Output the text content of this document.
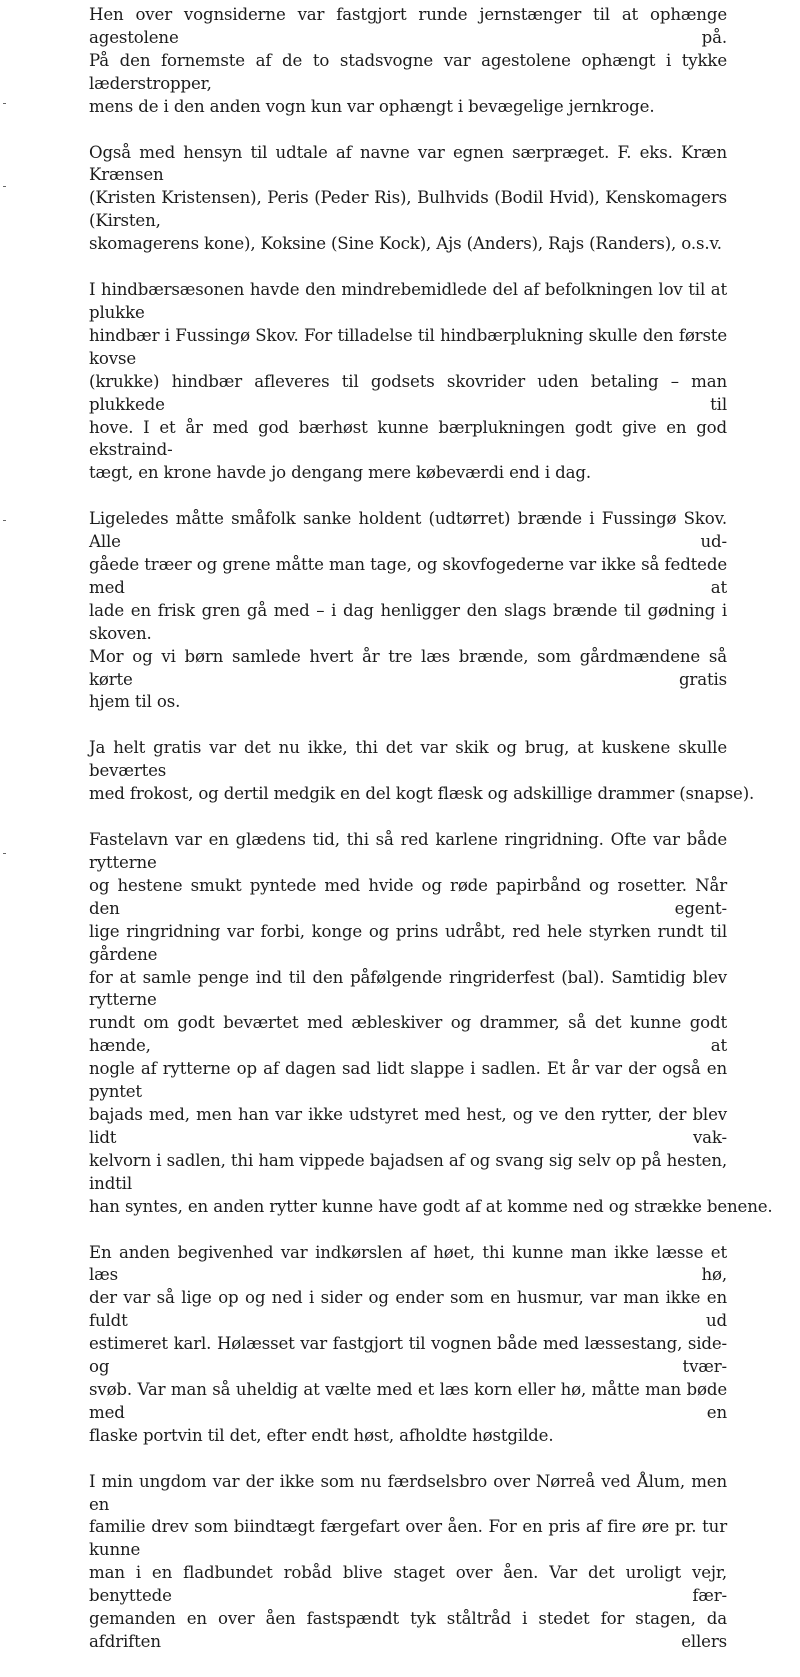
Hen over vognsiderne var fastgjort runde jernstænger til at ophænge agestolene på.
På den fornemste af de to stadsvogne var agestolene ophængt i tykke læderstropper,
mens de i den anden vogn kun var ophængt i bevægelige jernkroge.

Også med hensyn til udtale af navne var egnen særpræget. F. eks. Kræn Krænsen
(Kristen Kristensen), Peris (Peder Ris), Bulhvids (Bodil Hvid), Kenskomagers (Kirsten,
skomagerens kone), Koksine (Sine Kock), Ajs (Anders), Rajs (Randers), o.s.v.

I hindbærsæsonen havde den mindrebemidlede del af befolkningen lov til at plukke
hindbær i Fussingø Skov. For tilladelse til hindbærplukning skulle den første kovse
(krukke) hindbær afleveres til godsets skovrider uden betaling – man plukkede til
hove. I et år med god bærhøst kunne bærplukningen godt give en god ekstraind-
tægt, en krone havde jo dengang mere købeværdi end i dag.

Ligeledes måtte småfolk sanke holdent (udtørret) brænde i Fussingø Skov. Alle ud-
gåede træer og grene måtte man tage, og skovfogederne var ikke så fedtede med at
lade en frisk gren gå med – i dag henligger den slags brænde til gødning i skoven.
Mor og vi børn samlede hvert år tre læs brænde, som gårdmændene så kørte gratis
hjem til os.

Ja helt gratis var det nu ikke, thi det var skik og brug, at kuskene skulle beværtes
med frokost, og dertil medgik en del kogt flæsk og adskillige drammer (snapse).

Fastelavn var en glædens tid, thi så red karlene ringridning. Ofte var både rytterne
og hestene smukt pyntede med hvide og røde papirbånd og rosetter. Når den egent-
lige ringridning var forbi, konge og prins udråbt, red hele styrken rundt til gårdene
for at samle penge ind til den påfølgende ringriderfest (bal). Samtidig blev rytterne
rundt om godt beværtet med æbleskiver og drammer, så det kunne godt hænde, at
nogle af rytterne op af dagen sad lidt slappe i sadlen. Et år var der også en pyntet
bajads med, men han var ikke udstyret med hest, og ve den rytter, der blev lidt vak-
kelvorn i sadlen, thi ham vippede bajadsen af og svang sig selv op på hesten, indtil
han syntes, en anden rytter kunne have godt af at komme ned og strække benene.

En anden begivenhed var indkørslen af høet, thi kunne man ikke læsse et læs hø,
der var så lige op og ned i sider og ender som en husmur, var man ikke en fuldt ud
estimeret karl. Hølæsset var fastgjort til vognen både med læssestang, side- og tvær-
svøb. Var man så uheldig at vælte med et læs korn eller hø, måtte man bøde med en
flaske portvin til det, efter endt høst, afholdte høstgilde.

I min ungdom var der ikke som nu færdselsbro over Nørreå ved Ålum, men en
familie drev som biindtægt færgefart over åen. For en pris af fire øre pr. tur kunne
man i en fladbundet robåd blive staget over åen. Var det uroligt vejr, benyttede fær-
gemanden en over åen fastspændt tyk ståltråd i stedet for stagen, da afdriften ellers
